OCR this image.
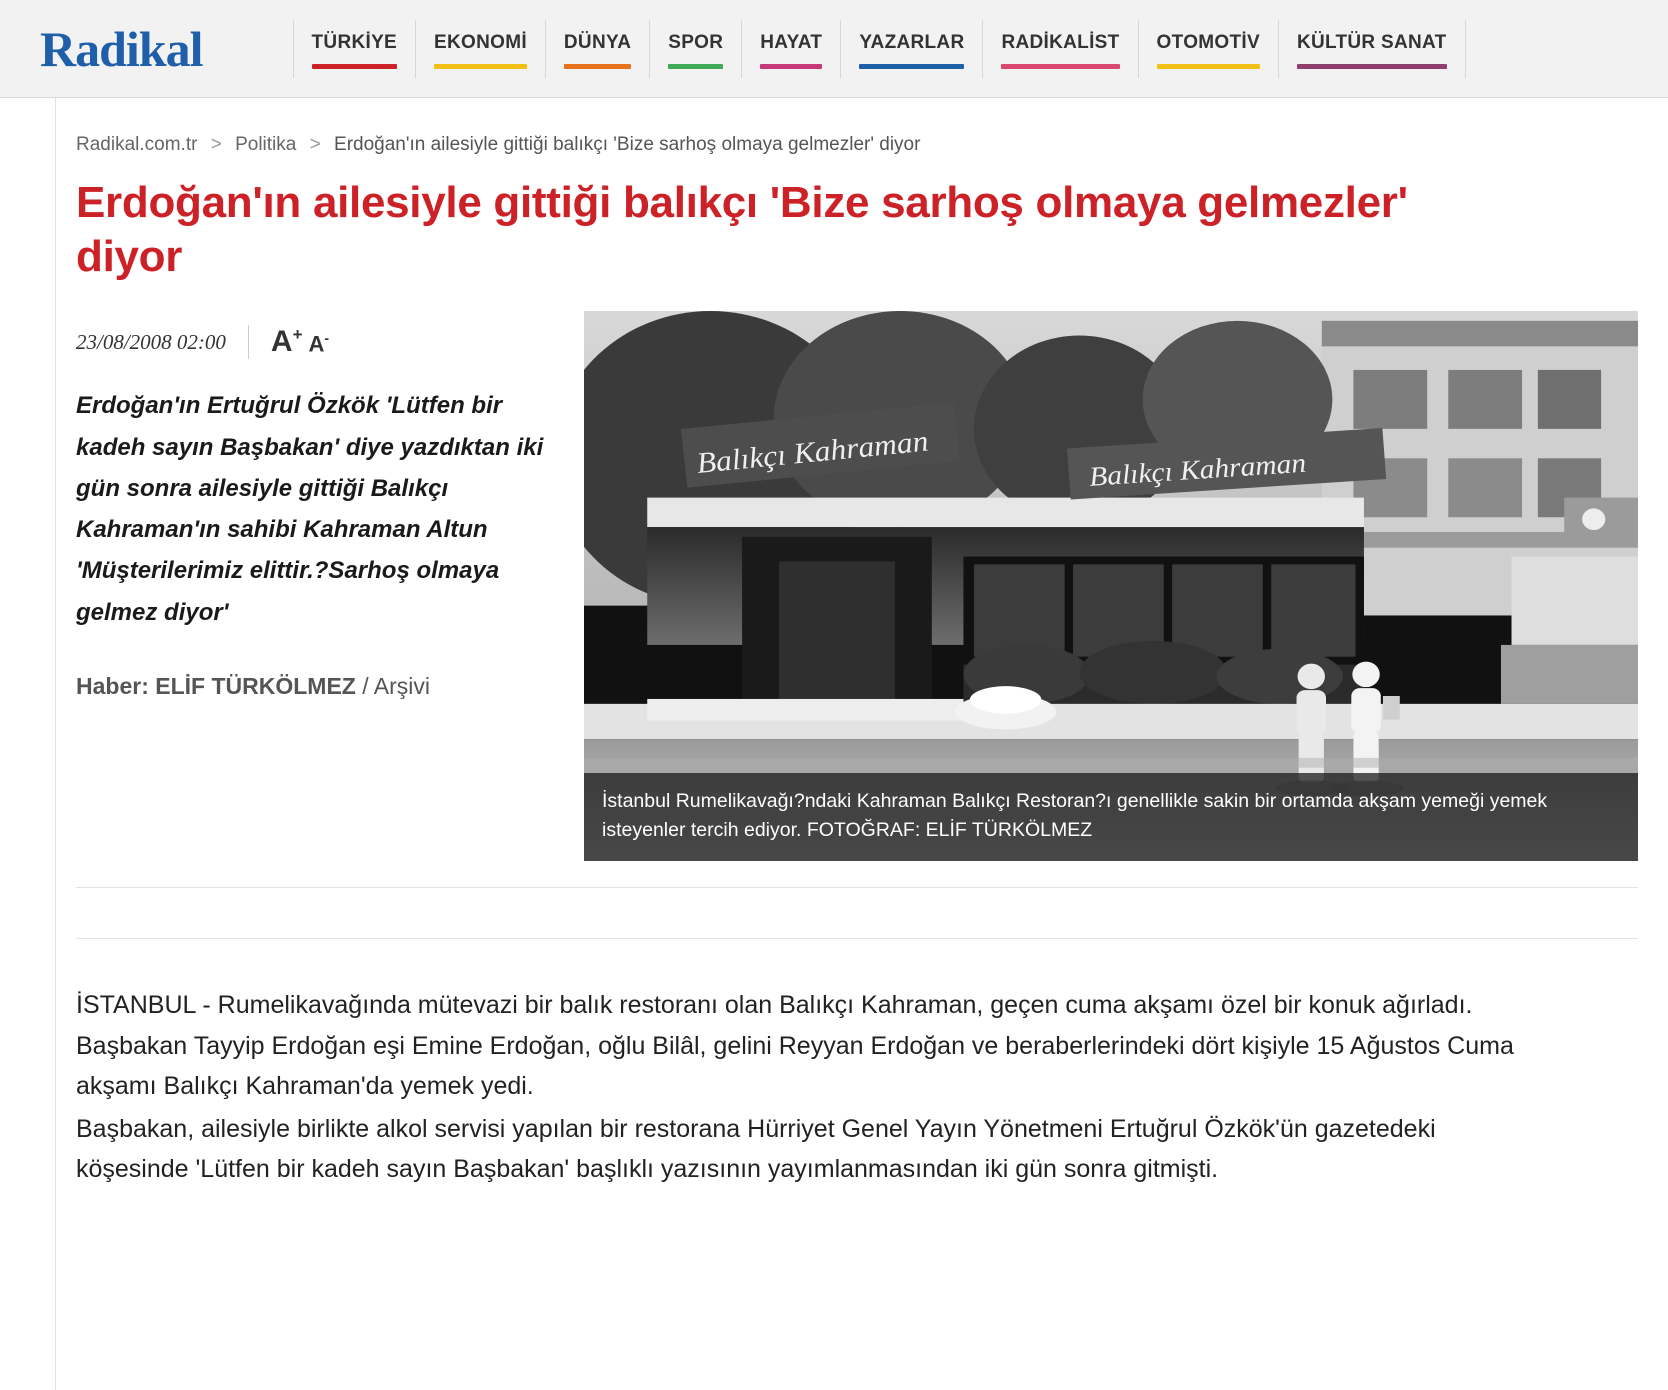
Radikal	TÜRKİYE EKONOMİ DÜNYA SPOR HAYAT YAZARLAR RADİKALİST OTOMOTİV KÜLTÜR SANAT
Radikal.com.tr > Politika > Erdoğan'ın ailesiyle gittiği balıkçı 'Bize sarhoş olmaya gelmezler' diyor
Erdoğan'ın ailesiyle gittiği balıkçı 'Bize sarhoş olmaya gelmezler' diyor
23/08/2008 02:00 A+ A-
Erdoğan'ın Ertuğrul Özkök 'Lütfen bir kadeh sayın Başbakan' diye yazdıktan iki gün sonra ailesiyle gittiği Balıkçı Kahraman'ın sahibi Kahraman Altun 'Müşterilerimiz elittir.?Sarhoş olmaya gelmez diyor'
Haber: ELİF TÜRKÖLMEZ / Arşivi
Balıkçı Kahraman	Balıkçı Kahraman
İstanbul Rumelikavağı?ndaki Kahraman Balıkçı Restoran?ı genellikle sakin bir ortamda akşam yemeği yemek isteyenler tercih ediyor. FOTOĞRAF: ELİF TÜRKÖLMEZ

İSTANBUL - Rumelikavağında mütevazi bir balık restoranı olan Balıkçı Kahraman, geçen cuma akşamı özel bir konuk ağırladı. Başbakan Tayyip Erdoğan eşi Emine Erdoğan, oğlu Bilâl, gelini Reyyan Erdoğan ve beraberlerindeki dört kişiyle 15 Ağustos Cuma akşamı Balıkçı Kahraman'da yemek yedi.

Başbakan, ailesiyle birlikte alkol servisi yapılan bir restorana Hürriyet Genel Yayın Yönetmeni Ertuğrul Özkök'ün gazetedeki köşesinde 'Lütfen bir kadeh sayın Başbakan' başlıklı yazısının yayımlanmasından iki gün sonra gitmişti.
